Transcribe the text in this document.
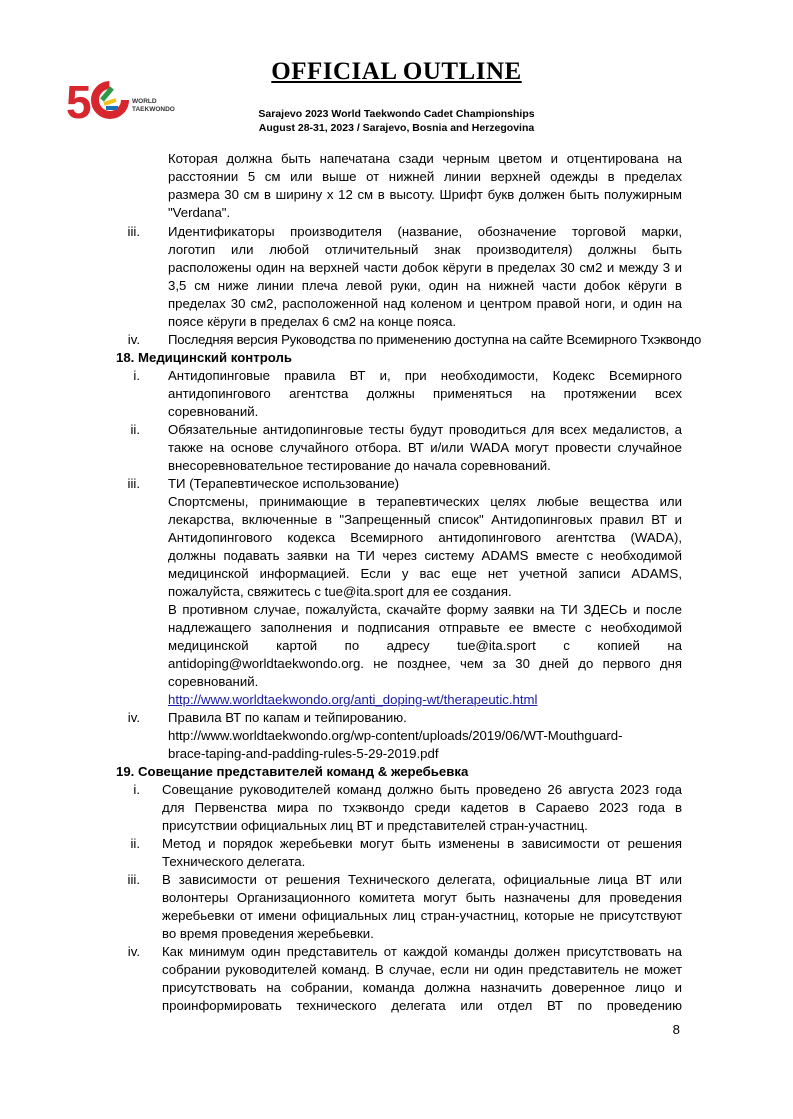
5	WORLD
TAEKWONDO
OFFICIAL OUTLINE
Sarajevo 2023 World Taekwondo Cadet Championships
August 28-31, 2023 / Sarajevo, Bosnia and Herzegovina
Которая должна быть напечатана сзади черным цветом и отцентирована на
расстоянии 5 см или выше от нижней линии верхней одежды в пределах
размера 30 см в ширину х 12 см в высоту. Шрифт букв должен быть полужирным
"Verdana".
iii. Идентификаторы производителя (название, обозначение торговой марки,
логотип или любой отличительный знак производителя) должны быть
расположены один на верхней части добок кёруги в пределах 30 см2 и между 3 и
3,5 см ниже линии плеча левой руки, один на нижней части добок кёруги в
пределах 30 см2, расположенной над коленом и центром правой ноги, и один на
поясе кёруги в пределах 6 см2 на конце пояса.
iv. Последняя версия Руководства по применению доступна на сайте Всемирного Тхэквондо
18. Медицинский контроль
i. Антидопинговые правила ВТ и, при необходимости, Кодекс Всемирного
антидопингового агентства должны применяться на протяжении всех
соревнований.
ii. Обязательные антидопинговые тесты будут проводиться для всех медалистов, а
также на основе случайного отбора. ВТ и/или WADA могут провести случайное
внесоревновательное тестирование до начала соревнований.
iii. ТИ (Терапевтическое использование)
Спортсмены, принимающие в терапевтических целях любые вещества или
лекарства, включенные в "Запрещенный список" Антидопинговых правил ВТ и
Антидопингового кодекса Всемирного антидопингового агентства (WADA),
должны подавать заявки на ТИ через систему ADAMS вместе с необходимой
медицинской информацией. Если у вас еще нет учетной записи ADAMS,
пожалуйста, свяжитесь с tue@ita.sport для ее создания.
В противном случае, пожалуйста, скачайте форму заявки на ТИ ЗДЕСЬ и после
надлежащего заполнения и подписания отправьте ее вместе с необходимой
медицинской картой по адресу tue@ita.sport с копией на
antidoping@worldtaekwondo.org. не позднее, чем за 30 дней до первого дня
соревнований.
http://www.worldtaekwondo.org/anti_doping-wt/therapeutic.html
iv. Правила ВТ по капам и тейпированию.
http://www.worldtaekwondo.org/wp-content/uploads/2019/06/WT-Mouthguard-
brace-taping-and-padding-rules-5-29-2019.pdf
19. Совещание представителей команд & жеребьевка
i. Совещание руководителей команд должно быть проведено 26 августа 2023 года
для Первенства мира по тхэквондо среди кадетов в Сараево 2023 года в
присутствии официальных лиц ВТ и представителей стран-участниц.
ii. Метод и порядок жеребьевки могут быть изменены в зависимости от решения
Технического делегата.
iii. В зависимости от решения Технического делегата, официальные лица ВТ или
волонтеры Организационного комитета могут быть назначены для проведения
жеребьевки от имени официальных лиц стран-участниц, которые не присутствуют
во время проведения жеребьевки.
iv. Как минимум один представитель от каждой команды должен присутствовать на
собрании руководителей команд. В случае, если ни один представитель не может
присутствовать на собрании, команда должна назначить доверенное лицо и
проинформировать технического делегата или отдел ВТ по проведению
8
